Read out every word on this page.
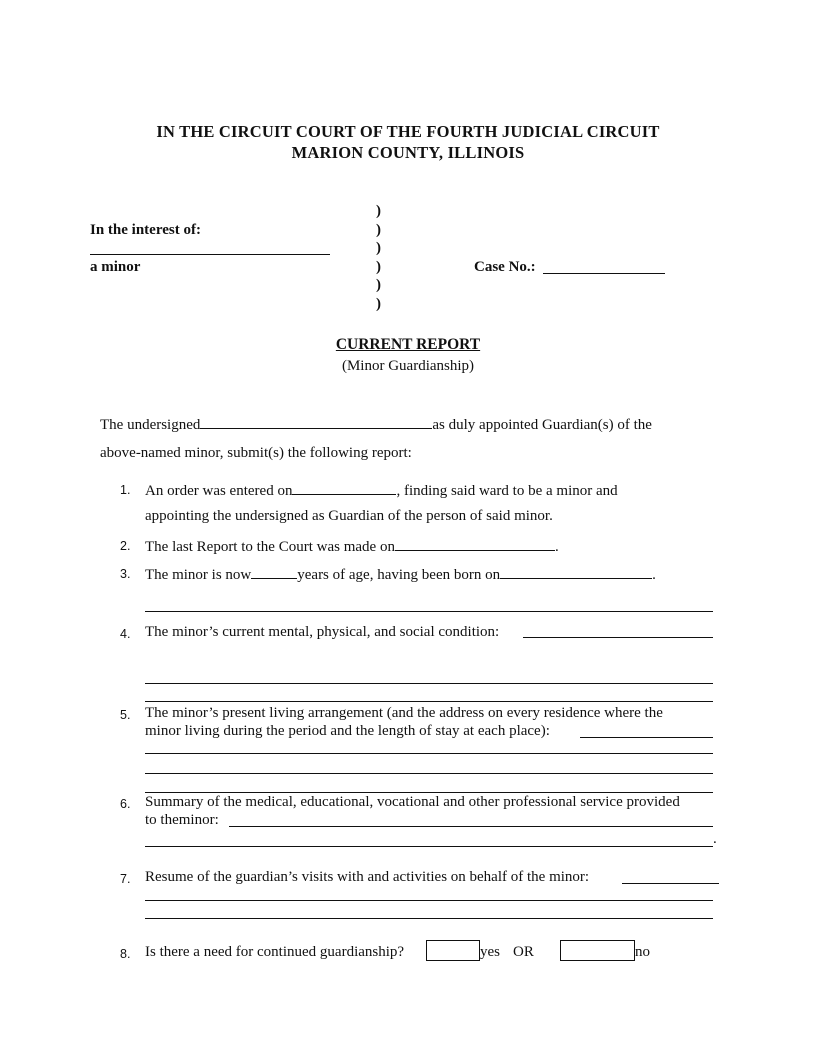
IN THE CIRCUIT COURT OF THE FOURTH JUDICIAL CIRCUIT
MARION COUNTY, ILLINOIS
)
)
)
)
)
)
In the interest of:
a minor	Case No.:
CURRENT REPORT
(Minor Guardianship)
The undersigned	as duly appointed Guardian(s) of the
above-named minor, submit(s) the following report:
1. An order was entered on	, finding said ward to be a minor and
appointing the undersigned as Guardian of the person of said minor.
2. The last Report to the Court was made on	.
3. The minor is now	years of age, having been born on	.
4. The minor’s current mental, physical, and social condition:
5. The minor’s present living arrangement (and the address on every residence where the
minor living during the period and the length of stay at each place):
6. Summary of the medical, educational, vocational and other professional service provided
to theminor:
.
7. Resume of the guardian’s visits with and activities on behalf of the minor:
8. Is there a need for continued guardianship?	yes OR	no
